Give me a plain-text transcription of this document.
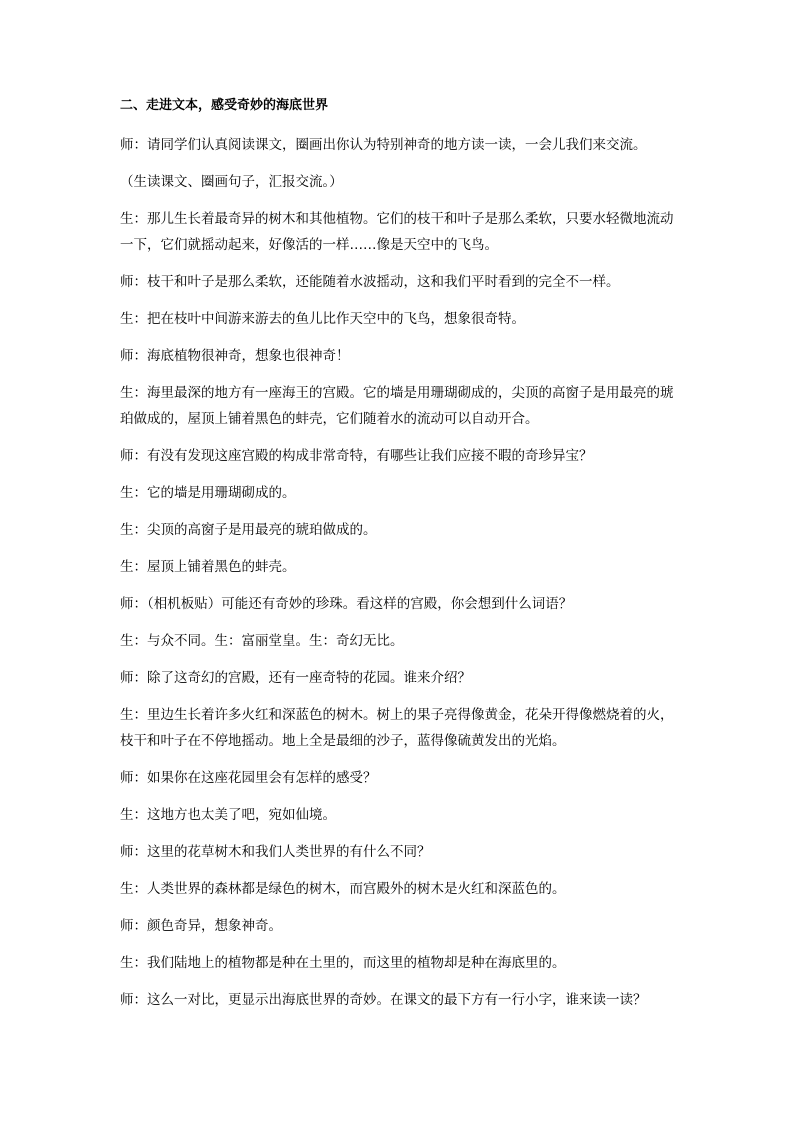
二、走进文本，感受奇妙的海底世界

师：请同学们认真阅读课文，圈画出你认为特别神奇的地方读一读，一会儿我们来交流。

（生读课文、圈画句子，汇报交流。）

生：那儿生长着最奇异的树木和其他植物。它们的枝干和叶子是那么柔软，只要水轻微地流动一下，它们就摇动起来，好像活的一样……像是天空中的飞鸟。

师：枝干和叶子是那么柔软，还能随着水波摇动，这和我们平时看到的完全不一样。

生：把在枝叶中间游来游去的鱼儿比作天空中的飞鸟，想象很奇特。

师：海底植物很神奇，想象也很神奇！

生：海里最深的地方有一座海王的宫殿。它的墙是用珊瑚砌成的，尖顶的高窗子是用最亮的琥珀做成的，屋顶上铺着黑色的蚌壳，它们随着水的流动可以自动开合。

师：有没有发现这座宫殿的构成非常奇特，有哪些让我们应接不暇的奇珍异宝？

生：它的墙是用珊瑚砌成的。

生：尖顶的高窗子是用最亮的琥珀做成的。

生：屋顶上铺着黑色的蚌壳。

师：（相机板贴）可能还有奇妙的珍珠。看这样的宫殿，你会想到什么词语？

生：与众不同。生：富丽堂皇。生：奇幻无比。

师：除了这奇幻的宫殿，还有一座奇特的花园。谁来介绍？

生：里边生长着许多火红和深蓝色的树木。树上的果子亮得像黄金，花朵开得像燃烧着的火，枝干和叶子在不停地摇动。地上全是最细的沙子，蓝得像硫黄发出的光焰。

师：如果你在这座花园里会有怎样的感受？

生：这地方也太美了吧，宛如仙境。

师：这里的花草树木和我们人类世界的有什么不同？

生：人类世界的森林都是绿色的树木，而宫殿外的树木是火红和深蓝色的。

师：颜色奇异，想象神奇。

生：我们陆地上的植物都是种在土里的，而这里的植物却是种在海底里的。

师：这么一对比，更显示出海底世界的奇妙。在课文的最下方有一行小字，谁来读一读？
